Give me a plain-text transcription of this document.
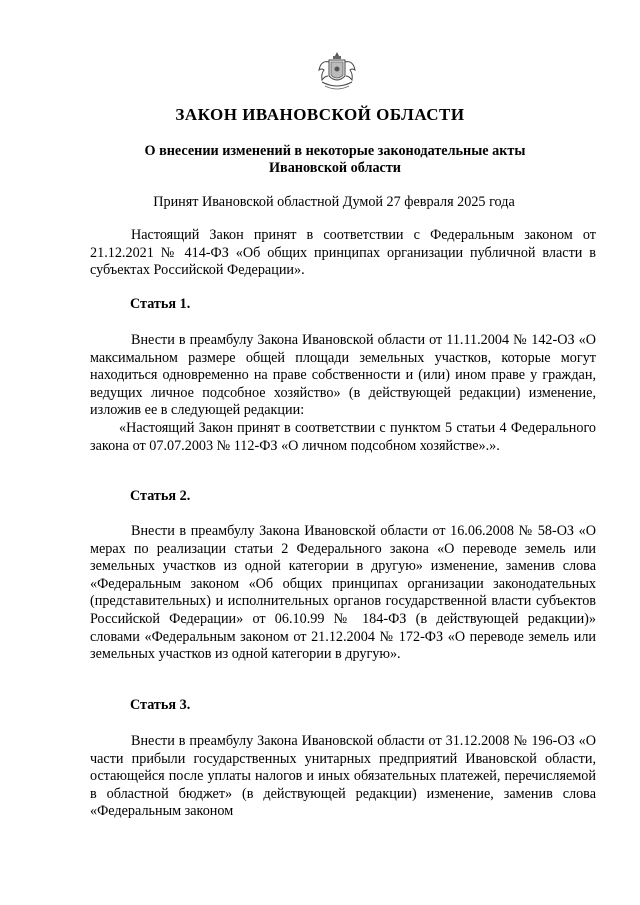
ЗАКОН ИВАНОВСКОЙ ОБЛАСТИ
О внесении изменений в некоторые законодательные акты
Ивановской области
Принят Ивановской областной Думой 27 февраля 2025 года

Настоящий Закон принят в соответствии с Федеральным законом от 21.12.2021 № 414-ФЗ «Об общих принципах организации публичной власти в субъектах Российской Федерации».

Статья 1.

Внести в преамбулу Закона Ивановской области от 11.11.2004 № 142-ОЗ «О максимальном размере общей площади земельных участков, которые могут находиться одновременно на праве собственности и (или) ином праве у граждан, ведущих личное подсобное хозяйство» (в действующей редакции) изменение, изложив ее в следующей редакции:

«Настоящий Закон принят в соответствии с пунктом 5 статьи 4 Федерального закона от 07.07.2003 № 112-ФЗ «О личном подсобном хозяйстве».».

Статья 2.

Внести в преамбулу Закона Ивановской области от 16.06.2008 № 58-ОЗ «О мерах по реализации статьи 2 Федерального закона «О переводе земель или земельных участков из одной категории в другую» изменение, заменив слова «Федеральным законом «Об общих принципах организации законодательных (представительных) и исполнительных органов государственной власти субъектов Российской Федерации» от 06.10.99 № 184-ФЗ (в действующей редакции)» словами «Федеральным законом от 21.12.2004 № 172-ФЗ «О переводе земель или земельных участков из одной категории в другую».

Статья 3.

Внести в преамбулу Закона Ивановской области от 31.12.2008 № 196-ОЗ «О части прибыли государственных унитарных предприятий Ивановской области, остающейся после уплаты налогов и иных обязательных платежей, перечисляемой в областной бюджет» (в действующей редакции) изменение, заменив слова «Федеральным законом
